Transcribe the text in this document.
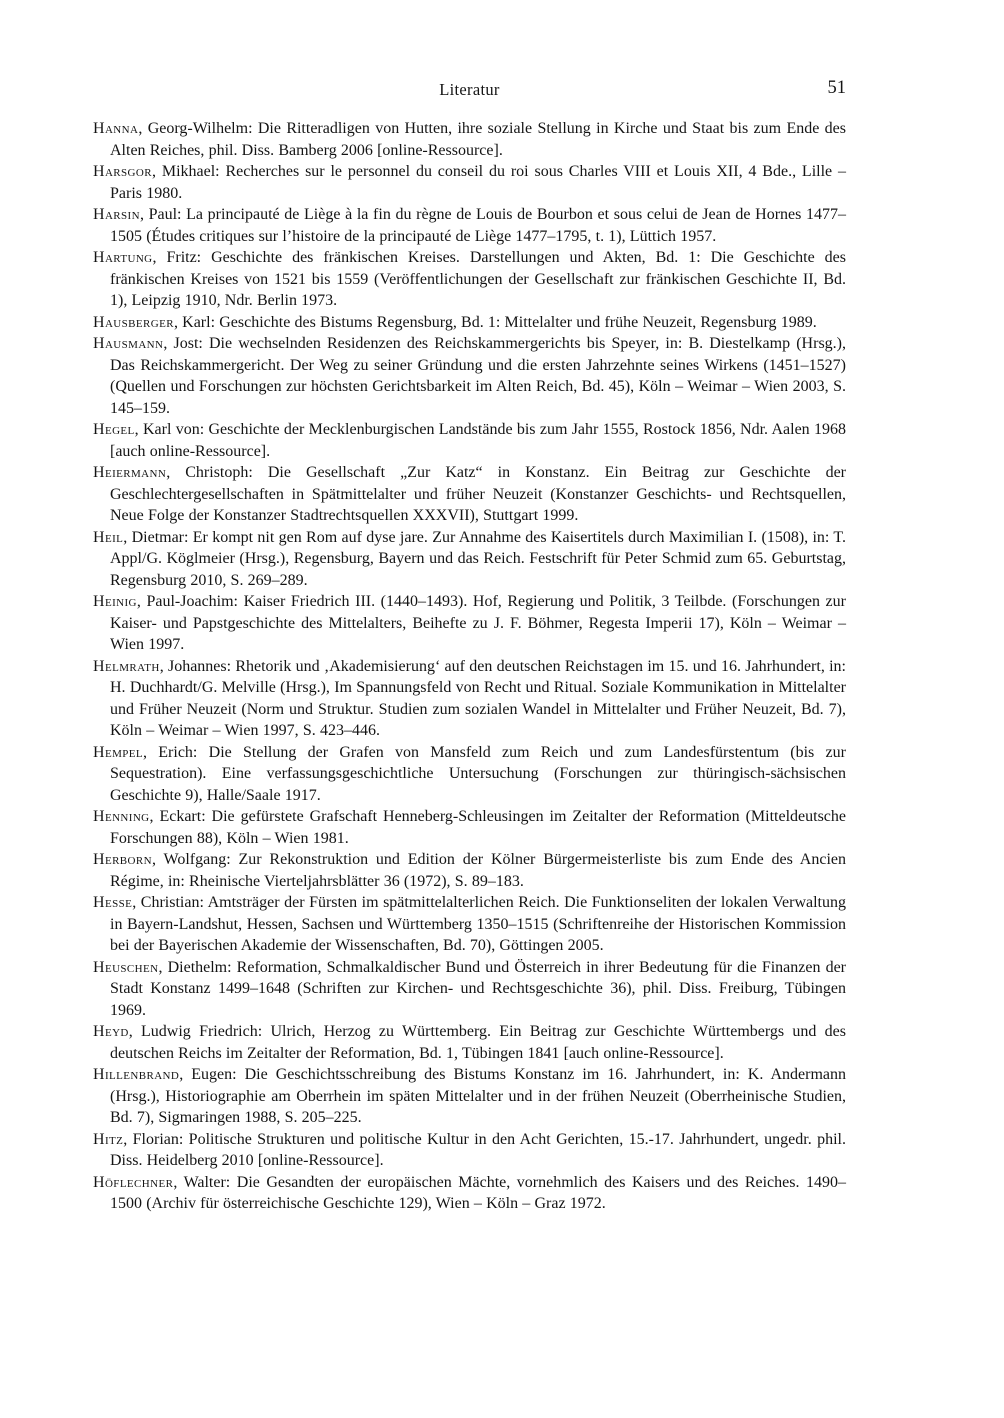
Literatur	51

Hanna, Georg-Wilhelm: Die Ritteradligen von Hutten, ihre soziale Stellung in Kirche und Staat bis zum Ende des Alten Reiches, phil. Diss. Bamberg 2006 [online-Ressource].

Harsgor, Mikhael: Recherches sur le personnel du conseil du roi sous Charles VIII et Louis XII, 4 Bde., Lille – Paris 1980.

Harsin, Paul: La principauté de Liège à la fin du règne de Louis de Bourbon et sous celui de Jean de Hornes 1477–1505 (Études critiques sur l’histoire de la principauté de Liège 1477–1795, t. 1), Lüttich 1957.

Hartung, Fritz: Geschichte des fränkischen Kreises. Darstellungen und Akten, Bd. 1: Die Geschichte des fränkischen Kreises von 1521 bis 1559 (Veröffentlichungen der Gesellschaft zur fränkischen Geschichte II, Bd. 1), Leipzig 1910, Ndr. Berlin 1973.

Hausberger, Karl: Geschichte des Bistums Regensburg, Bd. 1: Mittelalter und frühe Neuzeit, Regensburg 1989.

Hausmann, Jost: Die wechselnden Residenzen des Reichskammergerichts bis Speyer, in: B. Diestelkamp (Hrsg.), Das Reichskammergericht. Der Weg zu seiner Gründung und die ersten Jahrzehnte seines Wirkens (1451–1527) (Quellen und Forschungen zur höchsten Gerichtsbarkeit im Alten Reich, Bd. 45), Köln – Weimar – Wien 2003, S. 145–159.

Hegel, Karl von: Geschichte der Mecklenburgischen Landstände bis zum Jahr 1555, Rostock 1856, Ndr. Aalen 1968 [auch online-Ressource].

Heiermann, Christoph: Die Gesellschaft „Zur Katz“ in Konstanz. Ein Beitrag zur Geschichte der Geschlechtergesellschaften in Spätmittelalter und früher Neuzeit (Konstanzer Geschichts- und Rechtsquellen, Neue Folge der Konstanzer Stadtrechtsquellen XXXVII), Stuttgart 1999.

Heil, Dietmar: Er kompt nit gen Rom auf dyse jare. Zur Annahme des Kaisertitels durch Maximilian I. (1508), in: T. Appl/G. Köglmeier (Hrsg.), Regensburg, Bayern und das Reich. Festschrift für Peter Schmid zum 65. Geburtstag, Regensburg 2010, S. 269–289.

Heinig, Paul-Joachim: Kaiser Friedrich III. (1440–1493). Hof, Regierung und Politik, 3 Teilbde. (Forschungen zur Kaiser- und Papstgeschichte des Mittelalters, Beihefte zu J. F. Böhmer, Regesta Imperii 17), Köln – Weimar – Wien 1997.

Helmrath, Johannes: Rhetorik und ‚Akademisierung‘ auf den deutschen Reichstagen im 15. und 16. Jahrhundert, in: H. Duchhardt/G. Melville (Hrsg.), Im Spannungsfeld von Recht und Ritual. Soziale Kommunikation in Mittelalter und Früher Neuzeit (Norm und Struktur. Studien zum sozialen Wandel in Mittelalter und Früher Neuzeit, Bd. 7), Köln – Weimar – Wien 1997, S. 423–446.

Hempel, Erich: Die Stellung der Grafen von Mansfeld zum Reich und zum Landesfürstentum (bis zur Sequestration). Eine verfassungsgeschichtliche Untersuchung (Forschungen zur thüringisch-sächsischen Geschichte 9), Halle/Saale 1917.

Henning, Eckart: Die gefürstete Grafschaft Henneberg-Schleusingen im Zeitalter der Reformation (Mitteldeutsche Forschungen 88), Köln – Wien 1981.

Herborn, Wolfgang: Zur Rekonstruktion und Edition der Kölner Bürgermeisterliste bis zum Ende des Ancien Régime, in: Rheinische Vierteljahrsblätter 36 (1972), S. 89–183.

Hesse, Christian: Amtsträger der Fürsten im spätmittelalterlichen Reich. Die Funktionseliten der lokalen Verwaltung in Bayern-Landshut, Hessen, Sachsen und Württemberg 1350–1515 (Schriftenreihe der Historischen Kommission bei der Bayerischen Akademie der Wissenschaften, Bd. 70), Göttingen 2005.

Heuschen, Diethelm: Reformation, Schmalkaldischer Bund und Österreich in ihrer Bedeutung für die Finanzen der Stadt Konstanz 1499–1648 (Schriften zur Kirchen- und Rechtsgeschichte 36), phil. Diss. Freiburg, Tübingen 1969.

Heyd, Ludwig Friedrich: Ulrich, Herzog zu Württemberg. Ein Beitrag zur Geschichte Württembergs und des deutschen Reichs im Zeitalter der Reformation, Bd. 1, Tübingen 1841 [auch online-Ressource].

Hillenbrand, Eugen: Die Geschichtsschreibung des Bistums Konstanz im 16. Jahrhundert, in: K. Andermann (Hrsg.), Historiographie am Oberrhein im späten Mittelalter und in der frühen Neuzeit (Oberrheinische Studien, Bd. 7), Sigmaringen 1988, S. 205–225.

Hitz, Florian: Politische Strukturen und politische Kultur in den Acht Gerichten, 15.-17. Jahrhundert, ungedr. phil. Diss. Heidelberg 2010 [online-Ressource].

Höflechner, Walter: Die Gesandten der europäischen Mächte, vornehmlich des Kaisers und des Reiches. 1490–1500 (Archiv für österreichische Geschichte 129), Wien – Köln – Graz 1972.
